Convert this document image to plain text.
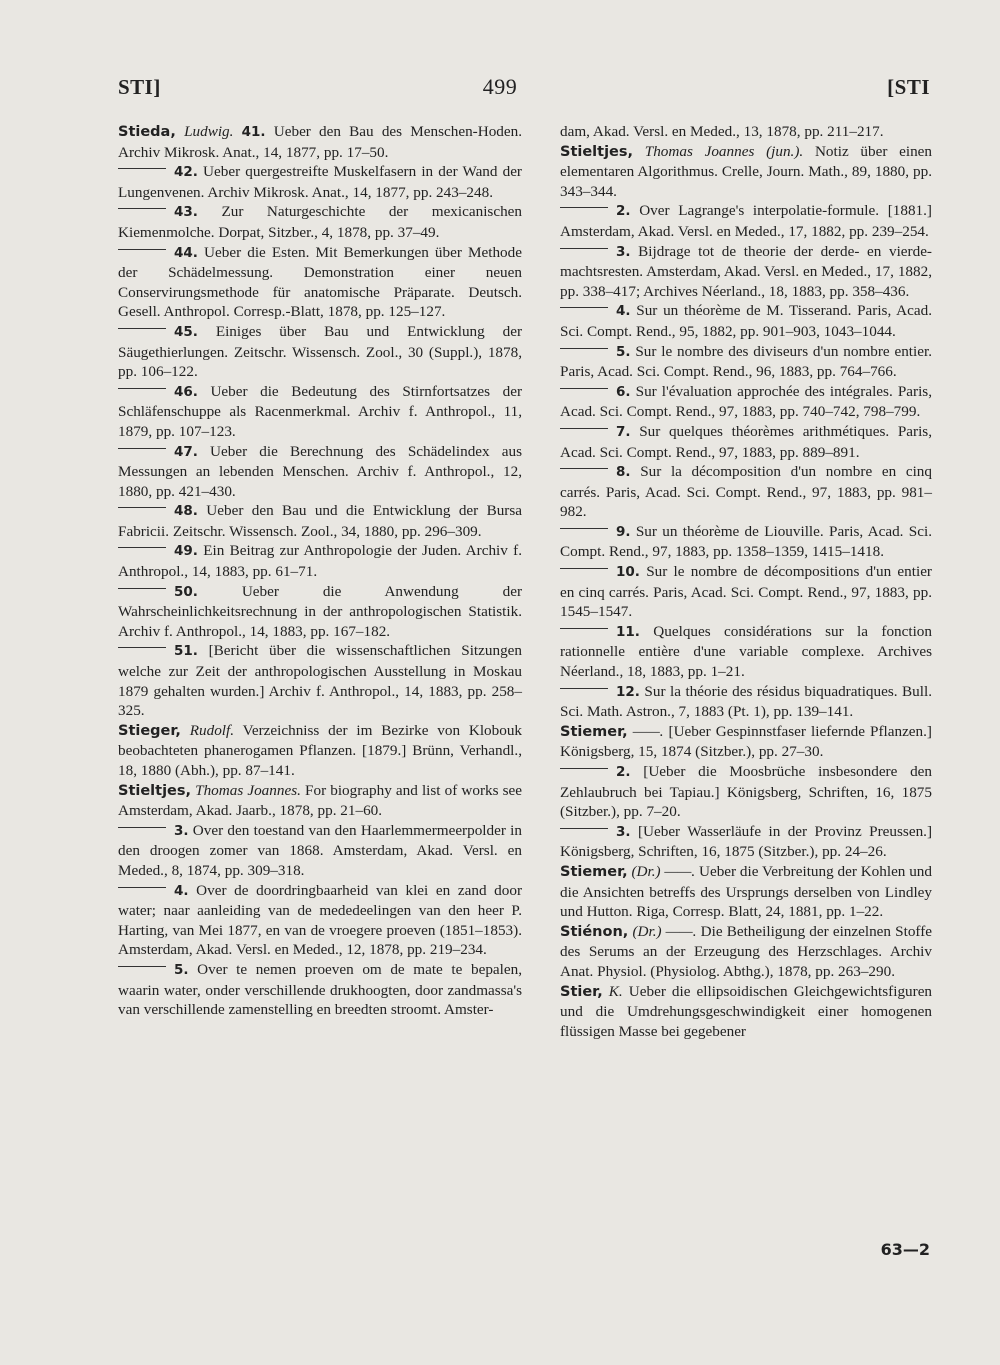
STI]	499	[STI

Stieda, Ludwig. 41. Ueber den Bau des Menschen-Hoden. Archiv Mikrosk. Anat., 14, 1877, pp. 17–50.

42. Ueber quergestreifte Muskelfasern in der Wand der Lungenvenen. Archiv Mikrosk. Anat., 14, 1877, pp. 243–248.

43. Zur Naturgeschichte der mexicanischen Kiemenmolche. Dorpat, Sitzber., 4, 1878, pp. 37–49.

44. Ueber die Esten. Mit Bemerkungen über Methode der Schädelmessung. Demonstration einer neuen Conservirungsmethode für anatomische Präparate. Deutsch. Gesell. Anthropol. Corresp.-Blatt, 1878, pp. 125–127.

45. Einiges über Bau und Entwicklung der Säugethierlungen. Zeitschr. Wissensch. Zool., 30 (Suppl.), 1878, pp. 106–122.

46. Ueber die Bedeutung des Stirnfortsatzes der Schläfenschuppe als Racenmerkmal. Archiv f. Anthropol., 11, 1879, pp. 107–123.

47. Ueber die Berechnung des Schädelindex aus Messungen an lebenden Menschen. Archiv f. Anthropol., 12, 1880, pp. 421–430.

48. Ueber den Bau und die Entwicklung der Bursa Fabricii. Zeitschr. Wissensch. Zool., 34, 1880, pp. 296–309.

49. Ein Beitrag zur Anthropologie der Juden. Archiv f. Anthropol., 14, 1883, pp. 61–71.

50.	Ueber die Anwendung der Wahrscheinlichkeitsrechnung in der anthropologischen Statistik. Archiv f. Anthropol., 14, 1883, pp. 167–182.

51. [Bericht über die wissenschaftlichen Sitzungen welche zur Zeit der anthropologischen Ausstellung in Moskau 1879 gehalten wurden.] Archiv f. Anthropol., 14, 1883, pp. 258–325.

Stieger, Rudolf. Verzeichniss der im Bezirke von Klobouk beobachteten phanerogamen Pflanzen. [1879.] Brünn, Verhandl., 18, 1880 (Abh.), pp. 87–141.

Stieltjes, Thomas Joannes. For biography and list of works see Amsterdam, Akad. Jaarb., 1878, pp. 21–60.

3. Over den toestand van den Haarlemmermeerpolder in den droogen zomer van 1868. Amsterdam, Akad. Versl. en Meded., 8, 1874, pp. 309–318.

4. Over de doordringbaarheid van klei en zand door water; naar aanleiding van de mededeelingen van den heer P. Harting, van Mei 1877, en van de vroegere proeven (1851–1853). Amsterdam, Akad. Versl. en Meded., 12, 1878, pp. 219–234.

5. Over te nemen proeven om de mate te bepalen, waarin water, onder verschillende drukhoogten, door zandmassa's van verschillende zamenstelling en breedten stroomt. Amster-

dam, Akad. Versl. en Meded., 13, 1878, pp. 211–217.

Stieltjes, Thomas Joannes (jun.). Notiz über einen elementaren Algorithmus. Crelle, Journ. Math., 89, 1880, pp. 343–344.

2. Over Lagrange's interpolatie-formule. [1881.] Amsterdam, Akad. Versl. en Meded., 17, 1882, pp. 239–254.

3. Bijdrage tot de theorie der derde- en vierde-machtsresten. Amsterdam, Akad. Versl. en Meded., 17, 1882, pp. 338–417; Archives Néerland., 18, 1883, pp. 358–436.

4. Sur un théorème de M. Tisserand. Paris, Acad. Sci. Compt. Rend., 95, 1882, pp. 901–903, 1043–1044.

5. Sur le nombre des diviseurs d'un nombre entier. Paris, Acad. Sci. Compt. Rend., 96, 1883, pp. 764–766.

6. Sur l'évaluation approchée des intégrales. Paris, Acad. Sci. Compt. Rend., 97, 1883, pp. 740–742, 798–799.

7. Sur quelques théorèmes arithmétiques. Paris, Acad. Sci. Compt. Rend., 97, 1883, pp. 889–891.

8. Sur la décomposition d'un nombre en cinq carrés. Paris, Acad. Sci. Compt. Rend., 97, 1883, pp. 981–982.

9. Sur un théorème de Liouville. Paris, Acad. Sci. Compt. Rend., 97, 1883, pp. 1358–1359, 1415–1418.

10. Sur le nombre de décompositions d'un entier en cinq carrés. Paris, Acad. Sci. Compt. Rend., 97, 1883, pp. 1545–1547.

11. Quelques considérations sur la fonction rationnelle entière d'une variable complexe. Archives Néerland., 18, 1883, pp. 1–21.

12. Sur la théorie des résidus biquadratiques. Bull. Sci. Math. Astron., 7, 1883 (Pt. 1), pp. 139–141.

Stiemer, ——. [Ueber Gespinnstfaser liefernde Pflanzen.] Königsberg, 15, 1874 (Sitzber.), pp. 27–30.

2. [Ueber die Moosbrüche insbesondere den Zehlaubruch bei Tapiau.] Königsberg, Schriften, 16, 1875 (Sitzber.), pp. 7–20.

3. [Ueber Wasserläufe in der Provinz Preussen.] Königsberg, Schriften, 16, 1875 (Sitzber.), pp. 24–26.

Stiemer, (Dr.) ——. Ueber die Verbreitung der Kohlen und die Ansichten betreffs des Ursprungs derselben von Lindley und Hutton. Riga, Corresp. Blatt, 24, 1881, pp. 1–22.

Stiénon, (Dr.) ——. Die Betheiligung der einzelnen Stoffe des Serums an der Erzeugung des Herzschlages. Archiv Anat. Physiol. (Physiolog. Abthg.), 1878, pp. 263–290.

Stier, K. Ueber die ellipsoidischen Gleichgewichtsfiguren und die Umdrehungsgeschwindigkeit einer homogenen flüssigen Masse bei gegebener

63—2
